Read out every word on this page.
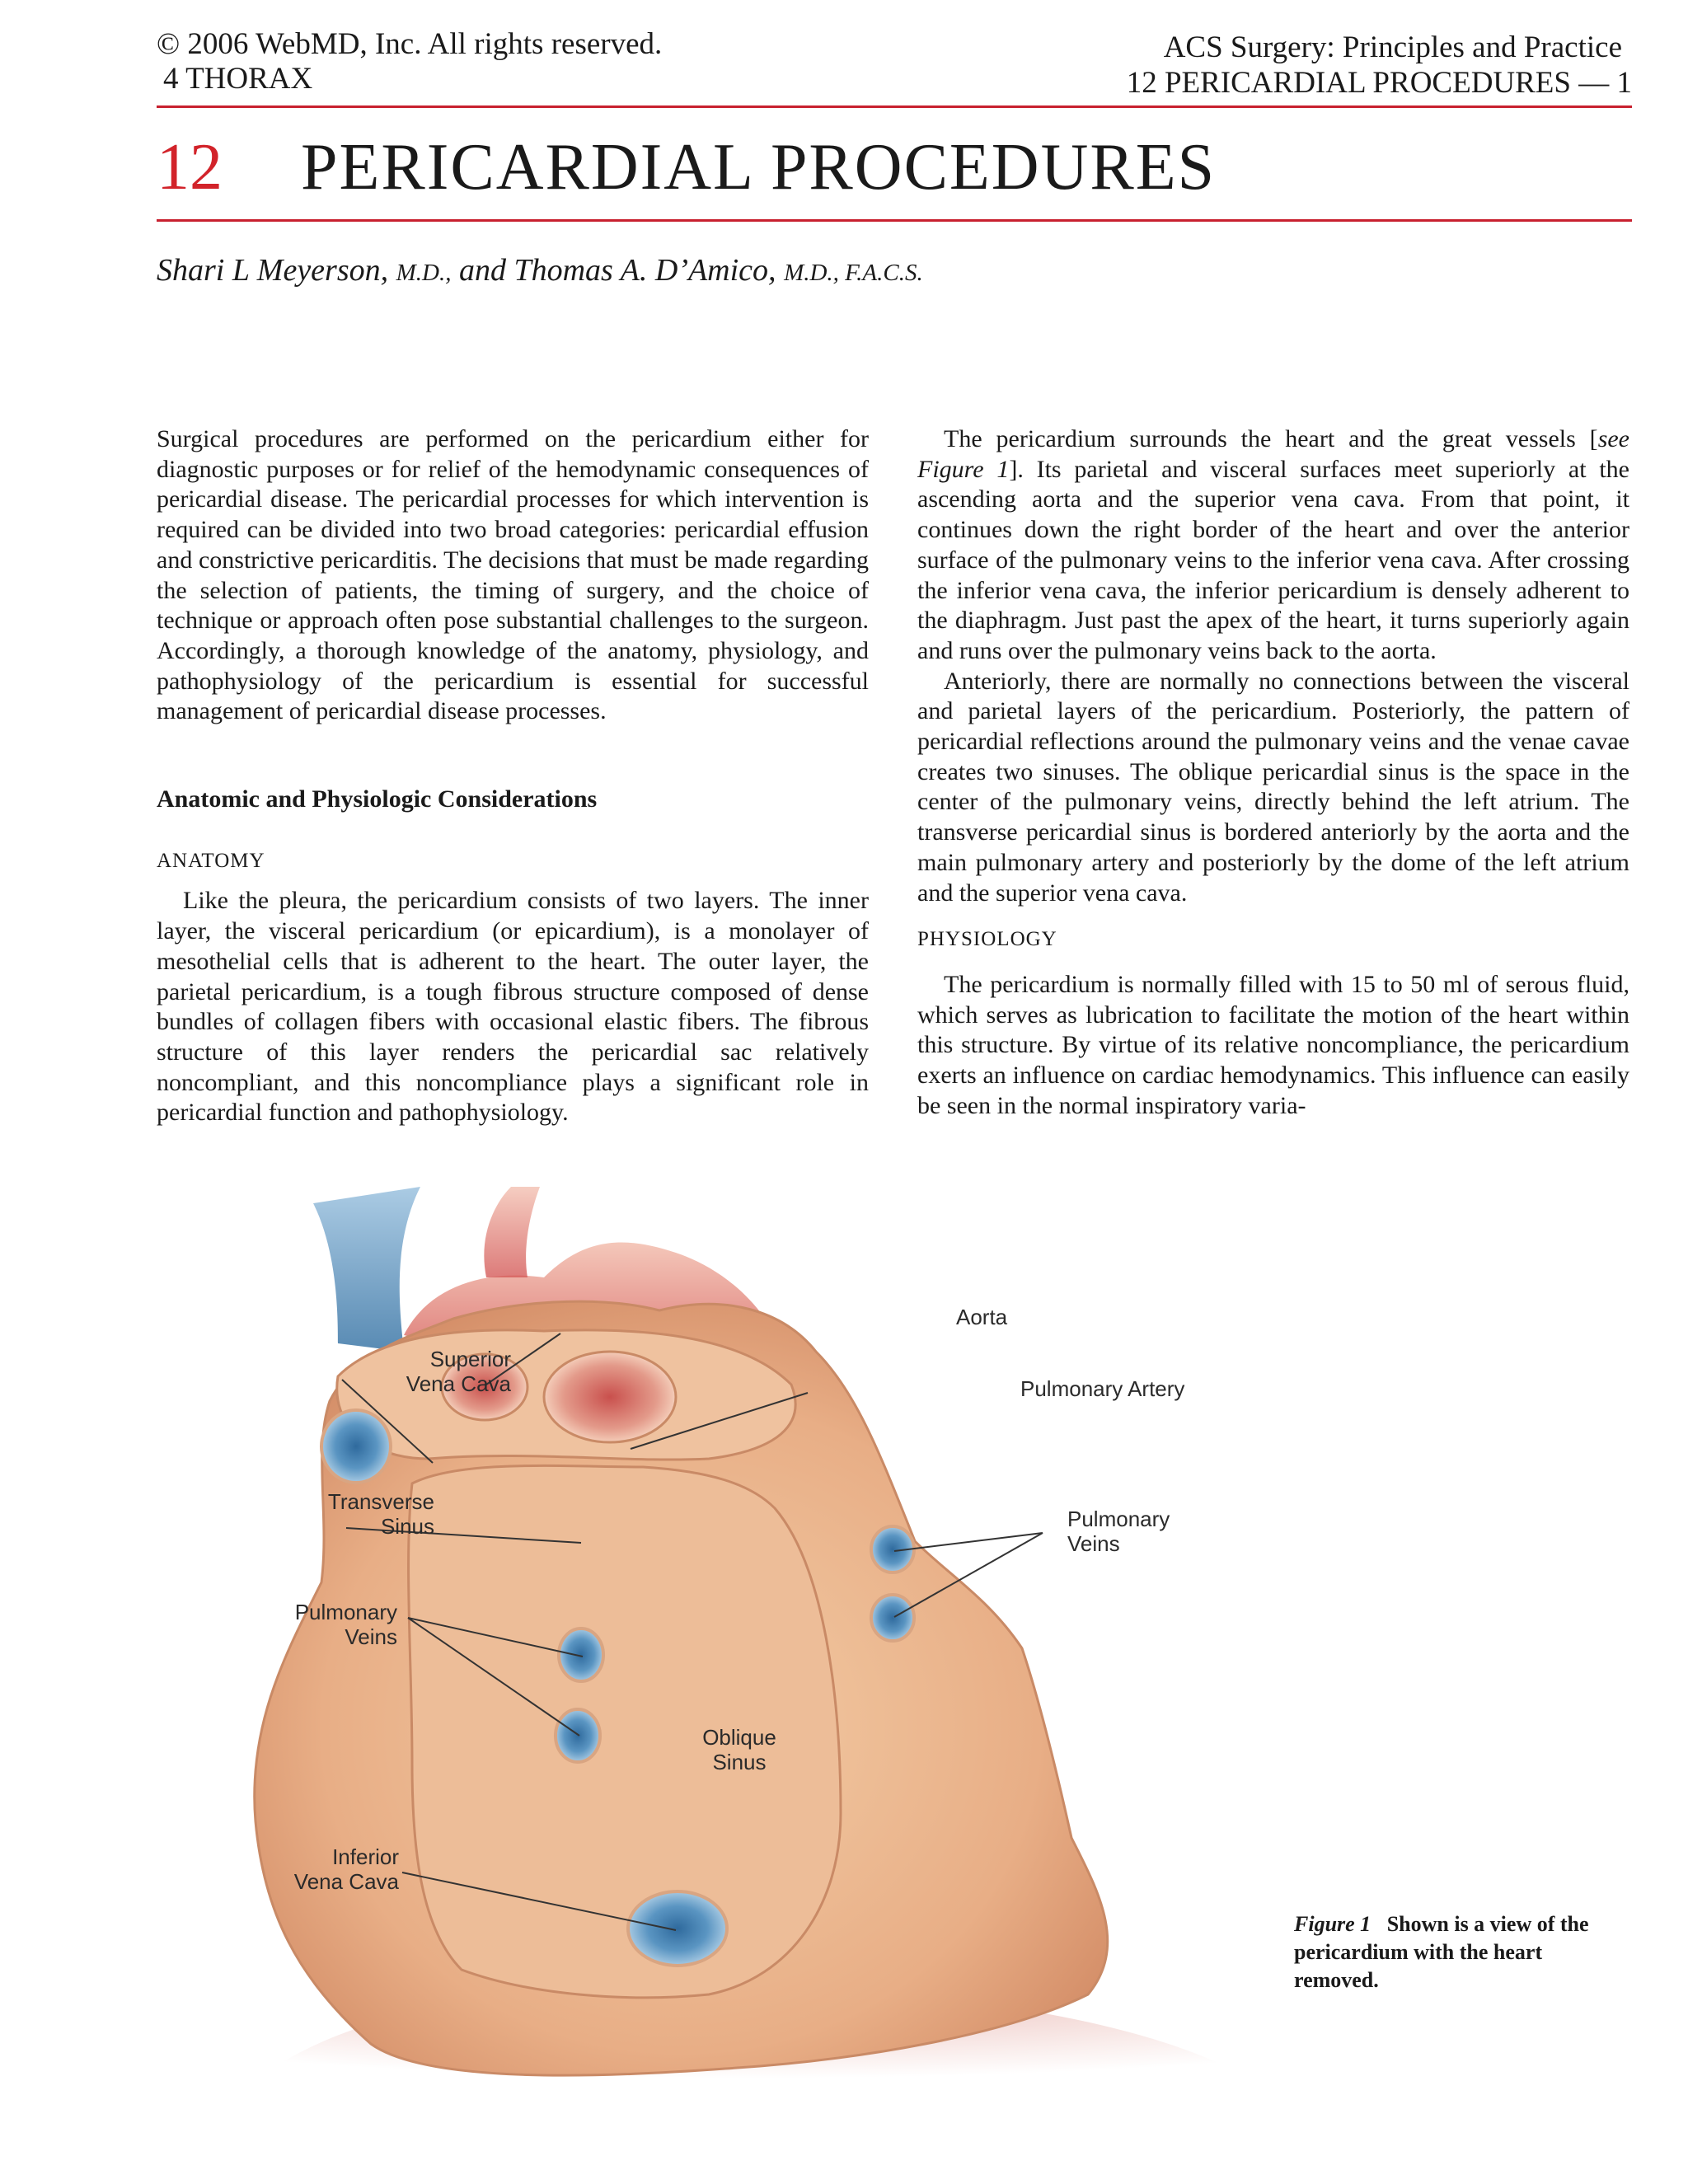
© 2006 WebMD, Inc. All rights reserved.
4 THORAX
ACS Surgery: Principles and Practice
12 PERICARDIAL PROCEDURES — 1
12 PERICARDIAL PROCEDURES
Shari L Meyerson, M.D., and Thomas A. D’Amico, M.D., F.A.C.S.

Surgical procedures are performed on the pericardium either for diagnostic purposes or for relief of the hemodynamic consequences of pericardial disease. The pericardial processes for which intervention is required can be divided into two broad categories: pericardial effusion and constrictive pericarditis. The decisions that must be made regarding the selection of patients, the timing of surgery, and the choice of technique or approach often pose substantial challenges to the surgeon. Accordingly, a thorough knowledge of the anatomy, physiology, and pathophysiology of the pericardium is essential for successful management of pericardial disease processes.

Anatomic and Physiologic Considerations

ANATOMY

Like the pleura, the pericardium consists of two layers. The inner layer, the visceral pericardium (or epicardium), is a monolayer of mesothelial cells that is adherent to the heart. The outer layer, the parietal pericardium, is a tough fibrous structure composed of dense bundles of collagen fibers with occasional elastic fibers. The fibrous structure of this layer renders the pericardial sac relatively noncompliant, and this noncompliance plays a significant role in pericardial function and pathophysiology.

The pericardium surrounds the heart and the great vessels [see Figure 1]. Its parietal and visceral surfaces meet superiorly at the ascending aorta and the superior vena cava. From that point, it continues down the right border of the heart and over the anterior surface of the pulmonary veins to the inferior vena cava. After crossing the inferior vena cava, the inferior pericardium is densely adherent to the diaphragm. Just past the apex of the heart, it turns superiorly again and runs over the pulmonary veins back to the aorta.

Anteriorly, there are normally no connections between the visceral and parietal layers of the pericardium. Posteriorly, the pattern of pericardial reflections around the pulmonary veins and the venae cavae creates two sinuses. The oblique pericardial sinus is the space in the center of the pulmonary veins, directly behind the left atrium. The transverse pericardial sinus is bordered anteriorly by the aorta and the main pulmonary artery and posteriorly by the dome of the left atrium and the superior vena cava.

PHYSIOLOGY

The pericardium is normally filled with 15 to 50 ml of serous fluid, which serves as lubrication to facilitate the motion of the heart within this structure. By virtue of its relative noncompliance, the pericardium exerts an influence on cardiac hemodynamics. This influence can easily be seen in the normal inspiratory varia-

Aorta
Superior
Vena Cava	Pulmonary Artery
Transverse
Sinus	Pulmonary
Veins
Pulmonary
Veins
Oblique
Sinus
Inferior
Vena Cava
Figure 1 Shown is a view of the pericardium with the heart removed.
